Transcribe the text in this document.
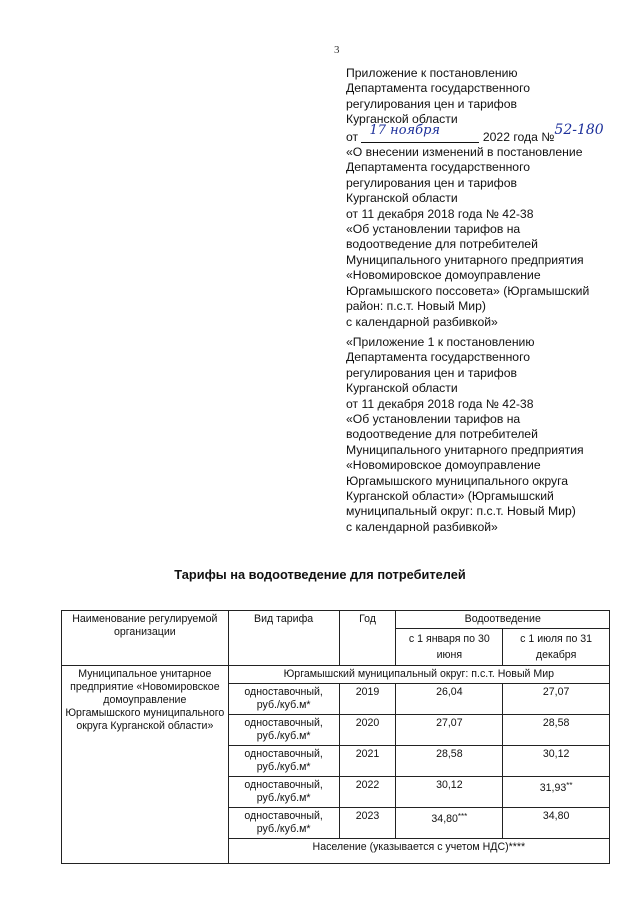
3
Приложение к постановлению
Департамента государственного
регулирования цен и тарифов
Курганской области
от 17 ноября	2022 года № 52-180
«О внесении изменений в постановление
Департамента государственного
регулирования цен и тарифов
Курганской области
от 11 декабря 2018 года № 42-38
«Об установлении тарифов на
водоотведение для потребителей
Муниципального унитарного предприятия
«Новомировское домоуправление
Юргамышского поссовета» (Юргамышский район: п.с.т. Новый Мир)
с календарной разбивкой»
«Приложение 1 к постановлению
Департамента государственного
регулирования цен и тарифов
Курганской области
от 11 декабря 2018 года № 42-38
«Об установлении тарифов на
водоотведение для потребителей
Муниципального унитарного предприятия
«Новомировское домоуправление
Юргамышского муниципального округа
Курганской области» (Юргамышский
муниципальный округ: п.с.т. Новый Мир)
с календарной разбивкой»
Тарифы на водоотведение для потребителей
Наименование регулируемой организации	Вид тарифа	Год	Водоотведение	
			с 1 января по 30 июня	с 1 июля по 31 декабря
Муниципальное унитарное предприятие «Новомировское домоуправление Юргамышского муниципального округа Курганской области»	Юргамышский муниципальный округ: п.с.т. Новый Мир			
	одноставочный, руб./куб.м*	2019	26,04	27,07
	одноставочный, руб./куб.м*	2020	27,07	28,58
	одноставочный, руб./куб.м*	2021	28,58	30,12
	одноставочный, руб./куб.м*	2022	30,12	31,93**
	одноставочный, руб./куб.м*	2023	34,80***	34,80
	Население (указывается с учетом НДС)****			
